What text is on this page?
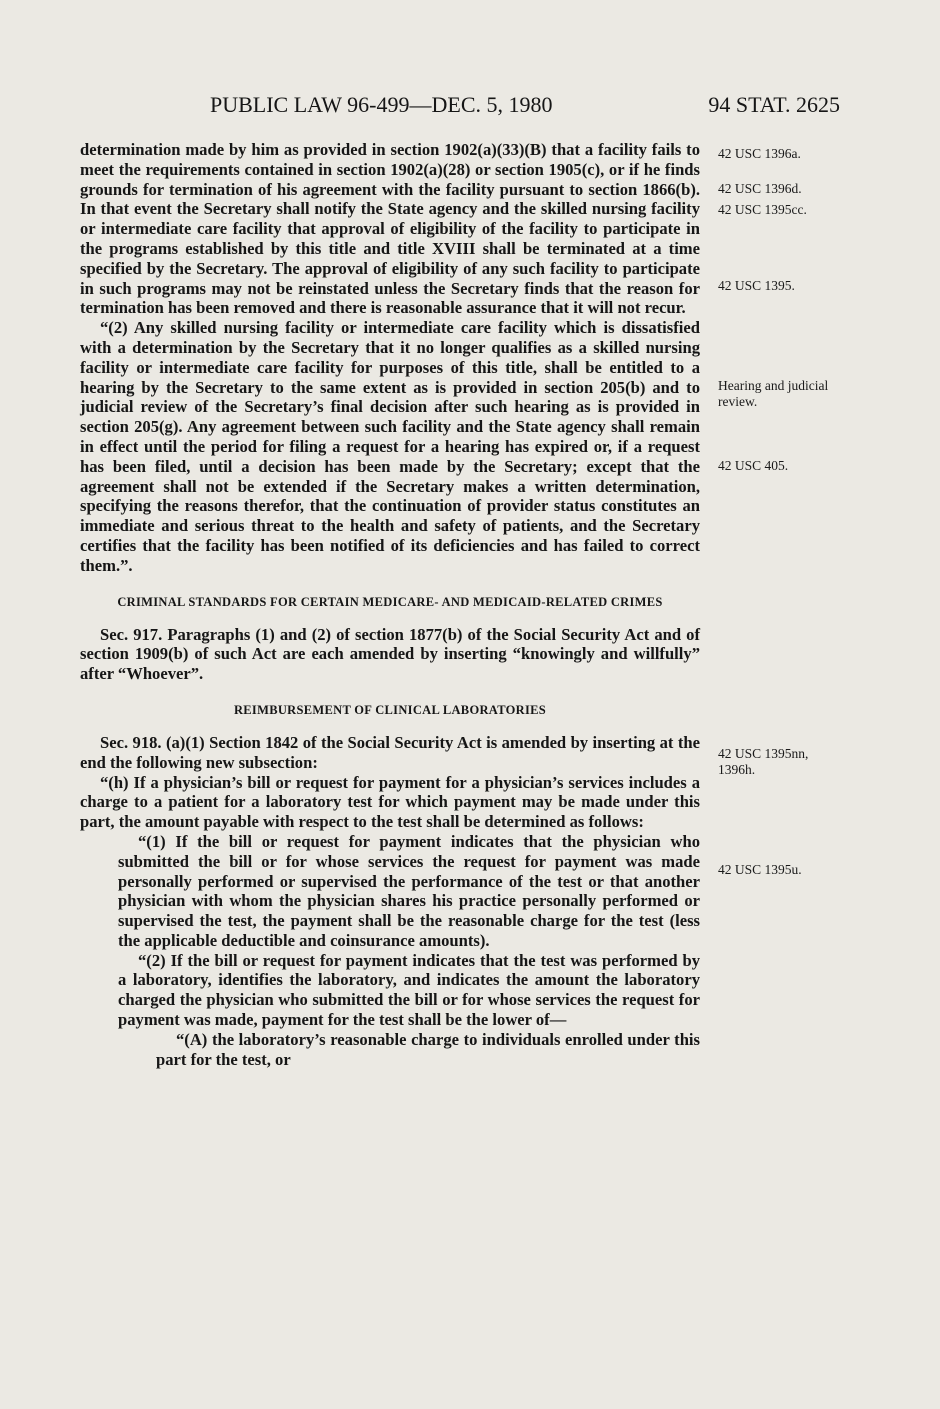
PUBLIC LAW 96-499—DEC. 5, 1980	94 STAT. 2625

determination made by him as provided in section 1902(a)(33)(B) that a facility fails to meet the requirements contained in section 1902(a)(28) or section 1905(c), or if he finds grounds for termination of his agreement with the facility pursuant to section 1866(b). In that event the Secretary shall notify the State agency and the skilled nursing facility or intermediate care facility that approval of eligibility of the facility to participate in the programs established by this title and title XVIII shall be terminated at a time specified by the Secretary. The approval of eligibility of any such facility to participate in such programs may not be reinstated unless the Secretary finds that the reason for termination has been removed and there is reasonable assurance that it will not recur.

“(2) Any skilled nursing facility or intermediate care facility which is dissatisfied with a determination by the Secretary that it no longer qualifies as a skilled nursing facility or intermediate care facility for purposes of this title, shall be entitled to a hearing by the Secretary to the same extent as is provided in section 205(b) and to judicial review of the Secretary’s final decision after such hearing as is provided in section 205(g). Any agreement between such facility and the State agency shall remain in effect until the period for filing a request for a hearing has expired or, if a request has been filed, until a decision has been made by the Secretary; except that the agreement shall not be extended if the Secretary makes a written determination, specifying the reasons therefor, that the continuation of provider status constitutes an immediate and serious threat to the health and safety of patients, and the Secretary certifies that the facility has been notified of its deficiencies and has failed to correct them.”.

CRIMINAL STANDARDS FOR CERTAIN MEDICARE- AND MEDICAID-RELATED CRIMES

Sec. 917. Paragraphs (1) and (2) of section 1877(b) of the Social Security Act and of section 1909(b) of such Act are each amended by inserting “knowingly and willfully” after “Whoever”.

REIMBURSEMENT OF CLINICAL LABORATORIES

Sec. 918. (a)(1) Section 1842 of the Social Security Act is amended by inserting at the end the following new subsection:

“(h) If a physician’s bill or request for payment for a physician’s services includes a charge to a patient for a laboratory test for which payment may be made under this part, the amount payable with respect to the test shall be determined as follows:

“(1) If the bill or request for payment indicates that the physician who submitted the bill or for whose services the request for payment was made personally performed or supervised the performance of the test or that another physician with whom the physician shares his practice personally performed or supervised the test, the payment shall be the reasonable charge for the test (less the applicable deductible and coinsurance amounts).

“(2) If the bill or request for payment indicates that the test was performed by a laboratory, identifies the laboratory, and indicates the amount the laboratory charged the physician who submitted the bill or for whose services the request for payment was made, payment for the test shall be the lower of—

“(A) the laboratory’s reasonable charge to individuals enrolled under this part for the test, or

42 USC 1396a.
42 USC 1396d.
42 USC 1395cc.
42 USC 1395.
Hearing and judicial review.
42 USC 405.
42 USC 1395nn, 1396h.
42 USC 1395u.
